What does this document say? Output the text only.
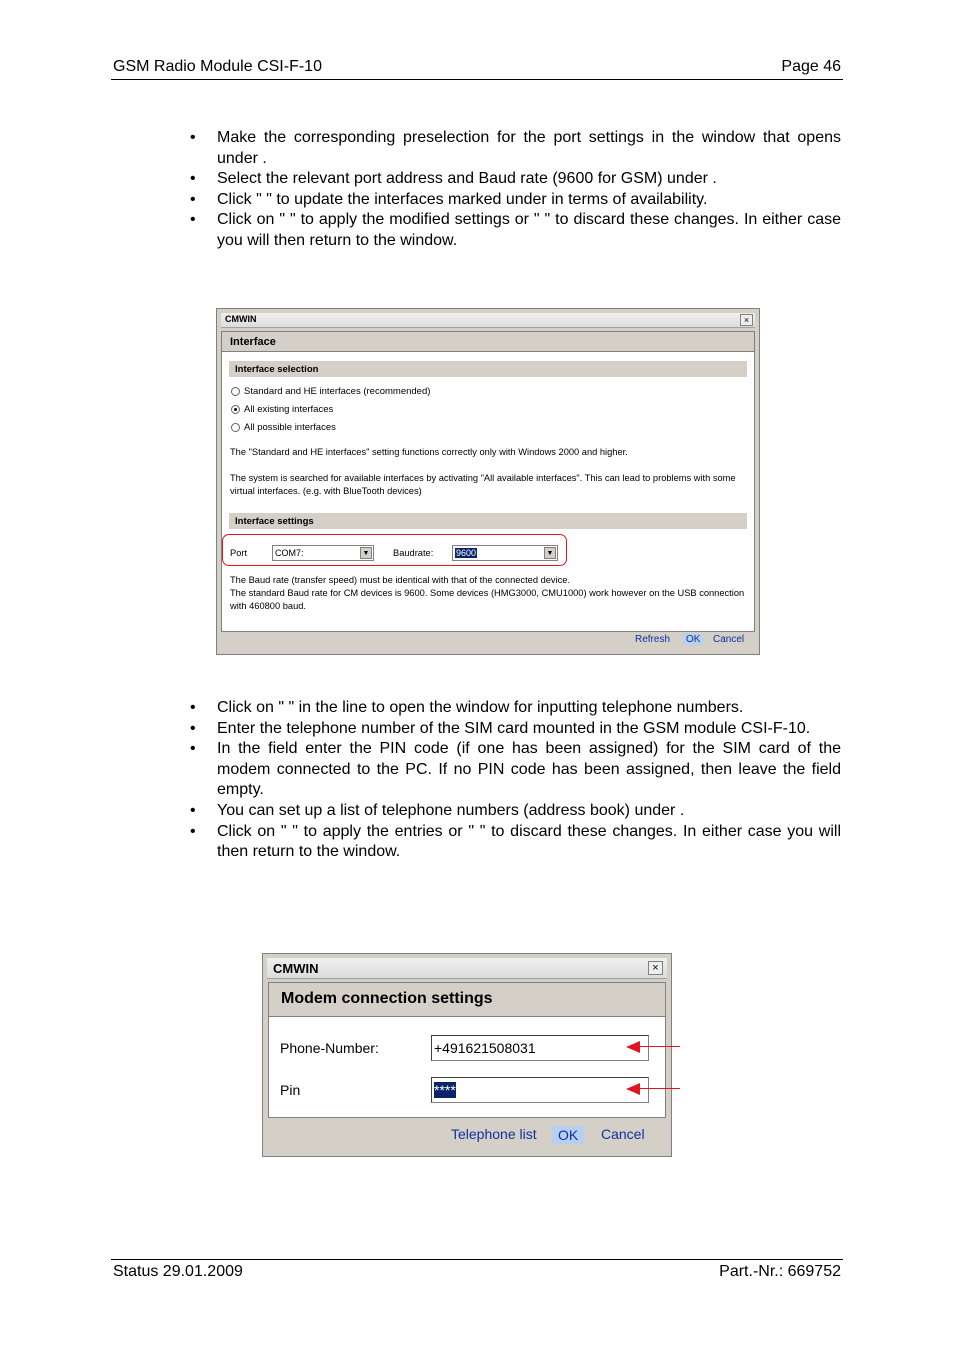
GSM Radio Module CSI-F-10	Page 46
• Make the corresponding preselection for the port settings in the window that opens under .
• Select the relevant port address and Baud rate (9600 for GSM) under .
• Click " " to update the interfaces marked under in terms of availability.
• Click on " " to apply the modified settings or " " to discard these changes. In either case you will then return to the window.
CMWIN	×
Interface
Interface selection
Standard and HE interfaces (recommended)
All existing interfaces
All possible interfaces
The "Standard and HE interfaces" setting functions correctly only with Windows 2000 and higher.
The system is searched for available interfaces by activating "All available interfaces". This can lead to problems with some virtual interfaces. (e.g. with BlueTooth devices)
Interface settings
Port	COM7:	▼	Baudrate:	9600	▼
The Baud rate (transfer speed) must be identical with that of the connected device.
The standard Baud rate for CM devices is 9600. Some devices (HMG3000, CMU1000) work however on the USB connection with 460800 baud.
Refresh	OK	Cancel
• Click on " " in the line to open the window for inputting telephone numbers.
• Enter the telephone number of the SIM card mounted in the GSM module CSI-F-10.
• In the field enter the PIN code (if one has been assigned) for the SIM card of the modem connected to the PC. If no PIN code has been assigned, then leave the field empty.
• You can set up a list of telephone numbers (address book) under .
• Click on " " to apply the entries or " " to discard these changes. In either case you will then return to the window.
CMWIN	×
Modem connection settings
Phone-Number:	+491621508031
Pin	****
Telephone list	OK	Cancel
Status 29.01.2009	Part.-Nr.: 669752
